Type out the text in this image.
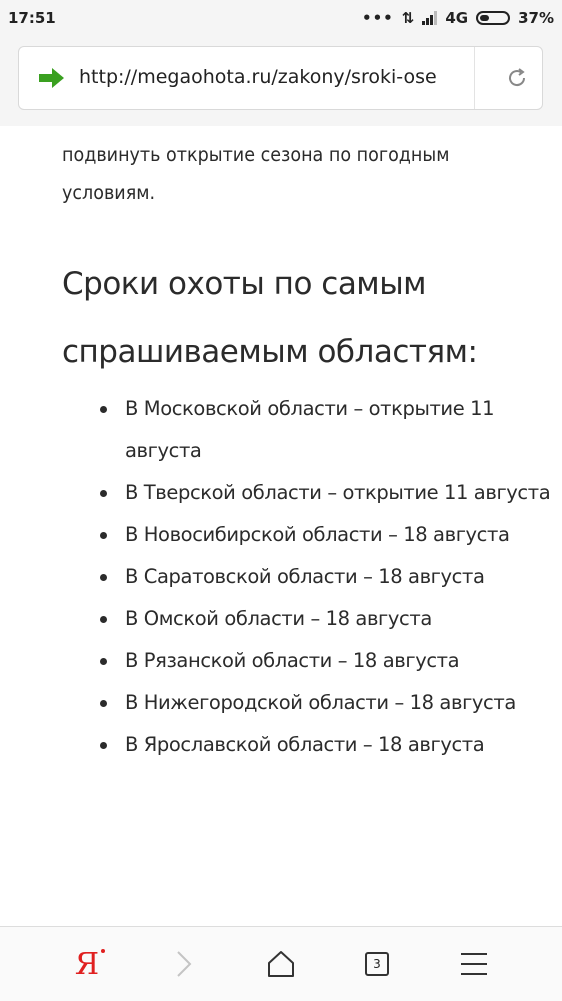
17:51	••• ⇅ 4G	37%
http://megaohota.ru/zakony/sroki-ose

подвинуть открытие сезона по погодным условиям.

Сроки охоты по самым спрашиваемым областям:
В Московской области – открытие 11 августа
В Тверской области – открытие 11 августа
В Новосибирской области – 18 августа
В Саратовской области – 18 августа
В Омской области – 18 августа
В Рязанской области – 18 августа
В Нижегородской области – 18 августа
В Ярославской области – 18 августа
Я	3
